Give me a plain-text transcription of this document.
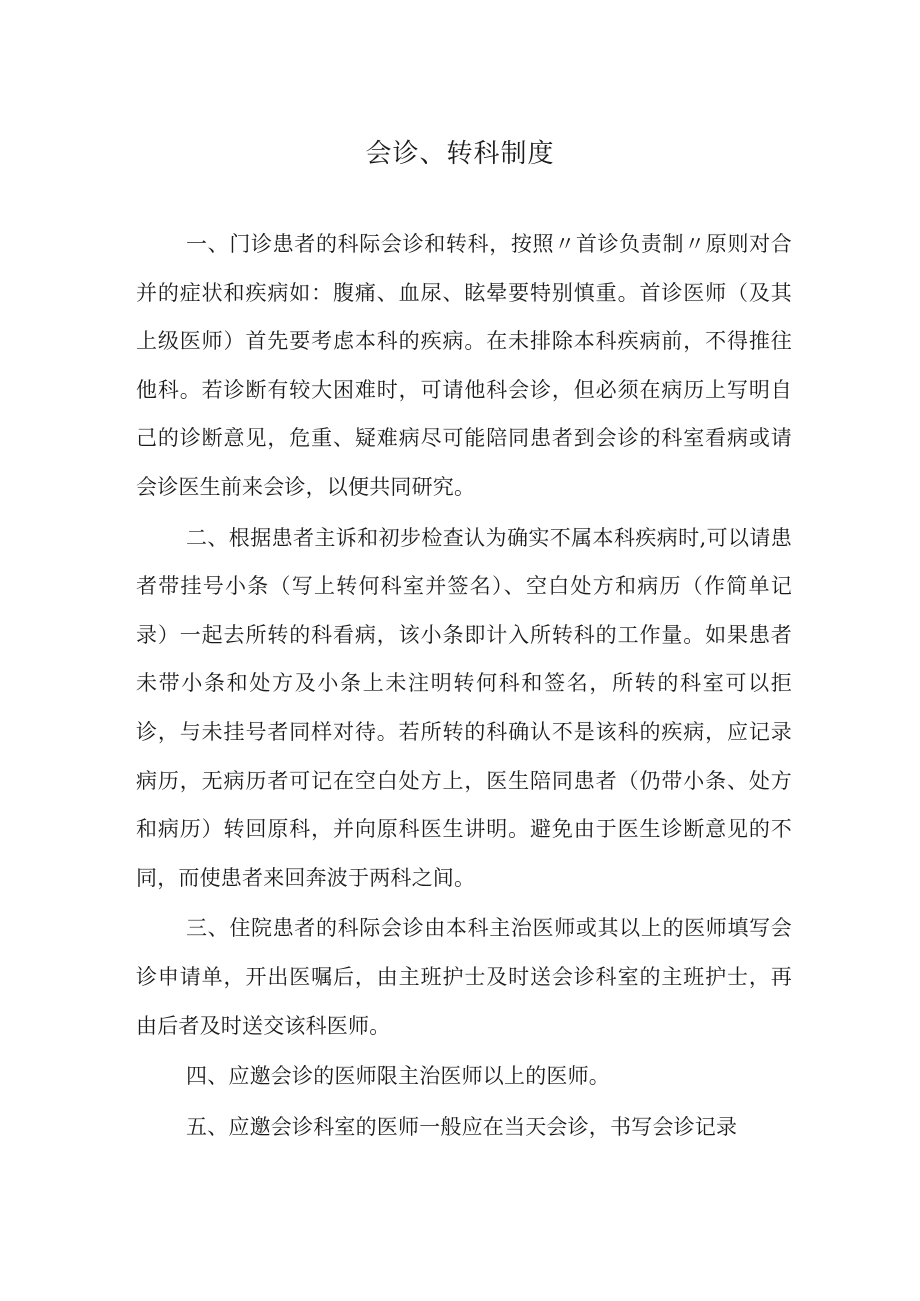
会诊、转科制度

一、门诊患者的科际会诊和转科，按照〃首诊负责制〃原则对合并的症状和疾病如：腹痛、血尿、眩晕要特别慎重。首诊医师（及其上级医师）首先要考虑本科的疾病。在未排除本科疾病前，不得推往他科。若诊断有较大困难时，可请他科会诊，但必须在病历上写明自己的诊断意见，危重、疑难病尽可能陪同患者到会诊的科室看病或请会诊医生前来会诊，以便共同研究。

二、根据患者主诉和初步检查认为确实不属本科疾病时,可以请患者带挂号小条（写上转何科室并签名）、空白处方和病历（作简单记录）一起去所转的科看病，该小条即计入所转科的工作量。如果患者未带小条和处方及小条上未注明转何科和签名，所转的科室可以拒诊，与未挂号者同样对待。若所转的科确认不是该科的疾病，应记录病历，无病历者可记在空白处方上，医生陪同患者（仍带小条、处方和病历）转回原科，并向原科医生讲明。避免由于医生诊断意见的不同，而使患者来回奔波于两科之间。

三、住院患者的科际会诊由本科主治医师或其以上的医师填写会诊申请单，开出医嘱后，由主班护士及时送会诊科室的主班护士，再由后者及时送交该科医师。

四、应邀会诊的医师限主治医师以上的医师。

五、应邀会诊科室的医师一般应在当天会诊，书写会诊记录
